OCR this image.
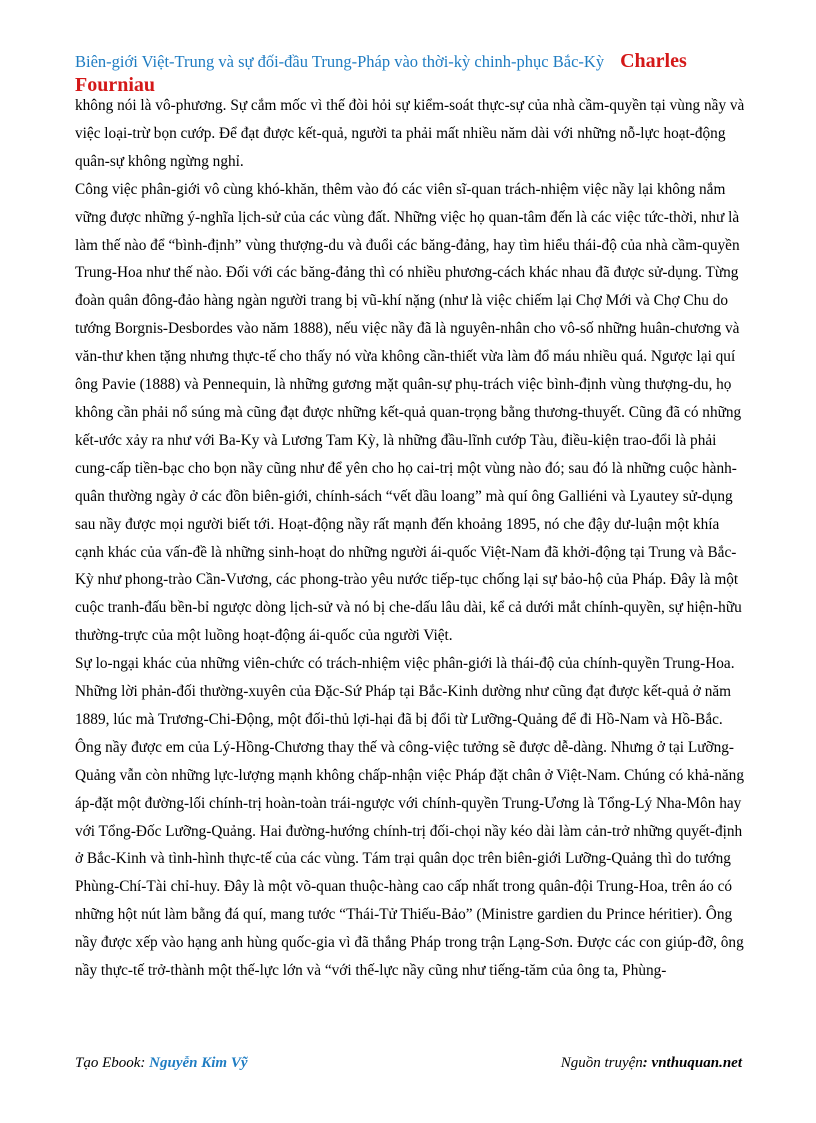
Biên-giới Việt-Trung và sự đối-đầu Trung-Pháp vào thời-kỳ chinh-phục Bắc-Kỳ Charles
Fourniau

không nói là vô-phương. Sự cắm mốc vì thế đòi hỏi sự kiểm-soát thực-sự của nhà cầm-quyền tại vùng nầy và việc loại-trừ bọn cướp. Để đạt được kết-quả, người ta phải mất nhiều năm dài với những nỗ-lực hoạt-động quân-sự không ngừng nghỉ.

Công việc phân-giới vô cùng khó-khăn, thêm vào đó các viên sĩ-quan trách-nhiệm việc nầy lại không nắm vững được những ý-nghĩa lịch-sử của các vùng đất. Những việc họ quan-tâm đến là các việc tức-thời, như là làm thế nào để “bình-định” vùng thượng-du và đuổi các băng-đảng, hay tìm hiểu thái-độ của nhà cầm-quyền Trung-Hoa như thế nào. Đối với các băng-đảng thì có nhiều phương-cách khác nhau đã được sử-dụng. Từng đoàn quân đông-đảo hàng ngàn người trang bị vũ-khí nặng (như là việc chiếm lại Chợ Mới và Chợ Chu do tướng Borgnis-Desbordes vào năm 1888), nếu việc nầy đã là nguyên-nhân cho vô-số những huân-chương và văn-thư khen tặng nhưng thực-tế cho thấy nó vừa không cần-thiết vừa làm đổ máu nhiều quá. Ngược lại quí ông Pavie (1888) và Pennequin, là những gương mặt quân-sự phụ-trách việc bình-định vùng thượng-du, họ không cần phải nổ súng mà cũng đạt được những kết-quả quan-trọng bằng thương-thuyết. Cũng đã có những kết-ước xảy ra như với Ba-Ky và Lương Tam Kỳ, là những đầu-lĩnh cướp Tàu, điều-kiện trao-đổi là phải cung-cấp tiền-bạc cho bọn nầy cũng như để yên cho họ cai-trị một vùng nào đó; sau đó là những cuộc hành-quân thường ngày ở các đồn biên-giới, chính-sách “vết dầu loang” mà quí ông Galliéni và Lyautey sử-dụng sau nầy được mọi người biết tới. Hoạt-động nầy rất mạnh đến khoảng 1895, nó che đậy dư-luận một khía cạnh khác của vấn-đề là những sinh-hoạt do những người ái-quốc Việt-Nam đã khởi-động tại Trung và Bắc-Kỳ như phong-trào Cần-Vương, các phong-trào yêu nước tiếp-tục chống lại sự bảo-hộ của Pháp. Đây là một cuộc tranh-đấu bền-bỉ ngược dòng lịch-sử và nó bị che-dấu lâu dài, kể cả dưới mắt chính-quyền, sự hiện-hữu thường-trực của một luồng hoạt-động ái-quốc của người Việt.

Sự lo-ngại khác của những viên-chức có trách-nhiệm việc phân-giới là thái-độ của chính-quyền Trung-Hoa. Những lời phản-đối thường-xuyên của Đặc-Sứ Pháp tại Bắc-Kinh dường như cũng đạt được kết-quả ở năm 1889, lúc mà Trương-Chi-Động, một đối-thủ lợi-hại đã bị đổi từ Lưỡng-Quảng để đi Hồ-Nam và Hồ-Bắc. Ông nầy được em của Lý-Hồng-Chương thay thế và công-việc tưởng sẽ được dễ-dàng. Nhưng ở tại Lưỡng-Quảng vẫn còn những lực-lượng mạnh không chấp-nhận việc Pháp đặt chân ở Việt-Nam. Chúng có khả-năng áp-đặt một đường-lối chính-trị hoàn-toàn trái-ngược với chính-quyền Trung-Ương là Tổng-Lý Nha-Môn hay với Tổng-Đốc Lưỡng-Quảng. Hai đường-hướng chính-trị đối-chọi nầy kéo dài làm cản-trở những quyết-định ở Bắc-Kinh và tình-hình thực-tế của các vùng. Tám trại quân dọc trên biên-giới Lưỡng-Quảng thì do tướng Phùng-Chí-Tài chỉ-huy. Đây là một võ-quan thuộc-hàng cao cấp nhất trong quân-đội Trung-Hoa, trên áo có những hột nút làm bằng đá quí, mang tước “Thái-Tử Thiếu-Bảo” (Ministre gardien du Prince héritier). Ông nầy được xếp vào hạng anh hùng quốc-gia vì đã thắng Pháp trong trận Lạng-Sơn. Được các con giúp-đỡ, ông nầy thực-tế trở-thành một thế-lực lớn và “với thế-lực nầy cũng như tiếng-tăm của ông ta, Phùng-

Tạo Ebook: Nguyễn Kim Vỹ	Nguồn truyện: vnthuquan.net
